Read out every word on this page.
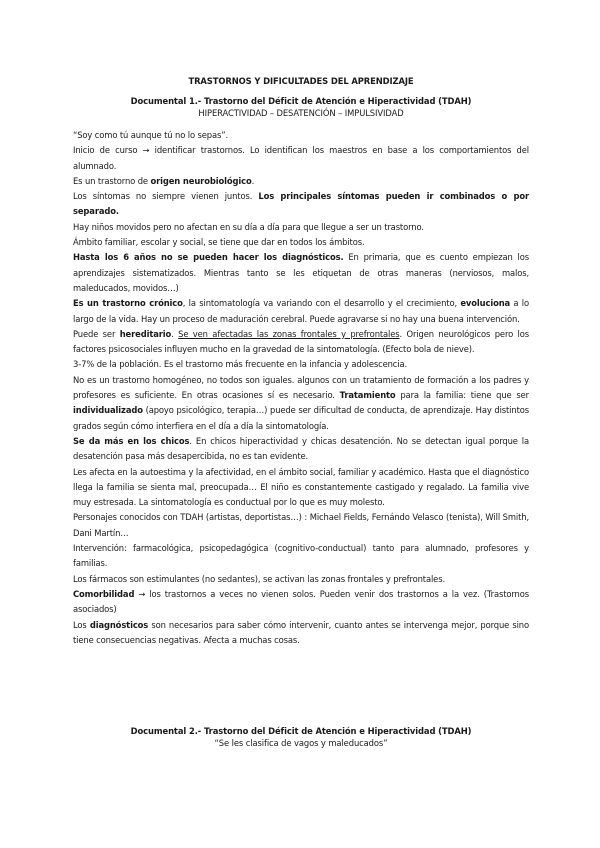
TRASTORNOS Y DIFICULTADES DEL APRENDIZAJE

Documental 1.- Trastorno del Déficit de Atención e Hiperactividad (TDAH)

HIPERACTIVIDAD – DESATENCIÓN – IMPULSIVIDAD

“Soy como tú aunque tú no lo sepas”.

Inicio de curso → identificar trastornos. Lo identifican los maestros en base a los comportamientos del alumnado.

Es un trastorno de origen neurobiológico.

Los síntomas no siempre vienen juntos. Los principales síntomas pueden ir combinados o por separado.

Hay niños movidos pero no afectan en su día a día para que llegue a ser un trastorno.

Ámbito familiar, escolar y social, se tiene que dar en todos los ámbitos.

Hasta los 6 años no se pueden hacer los diagnósticos. En primaria, que es cuento empiezan los aprendizajes sistematizados. Mientras tanto se les etiquetan de otras maneras (nerviosos, malos, maleducados, movidos…)

Es un trastorno crónico, la sintomatología va variando con el desarrollo y el crecimiento, evoluciona a lo largo de la vida. Hay un proceso de maduración cerebral. Puede agravarse si no hay una buena intervención.

Puede ser hereditario. Se ven afectadas las zonas frontales y prefrontales. Origen neurológicos pero los factores psicosociales influyen mucho en la gravedad de la sintomatología. (Efecto bola de nieve).

3-7% de la población. Es el trastorno más frecuente en la infancia y adolescencia.

No es un trastorno homogéneo, no todos son iguales. algunos con un tratamiento de formación a los padres y profesores es suficiente. En otras ocasiones sí es necesario. Tratamiento para la familia: tiene que ser individualizado (apoyo psicológico, terapia…) puede ser dificultad de conducta, de aprendizaje. Hay distintos grados según cómo interfiera en el día a día la sintomatología.

Se da más en los chicos. En chicos hiperactividad y chicas desatención. No se detectan igual porque la desatención pasa más desapercibida, no es tan evidente.

Les afecta en la autoestima y la afectividad, en el ámbito social, familiar y académico. Hasta que el diagnóstico llega la familia se sienta mal, preocupada… El niño es constantemente castigado y regalado. La familia vive muy estresada. La sintomatología es conductual por lo que es muy molesto.

Personajes conocidos con TDAH (artistas, deportistas…) : Michael Fields, Fernándo Velasco (tenista), Will Smith, Dani Martín…

Intervención: farmacológica, psicopedagógica (cognitivo-conductual) tanto para alumnado, profesores y familias.

Los fármacos son estimulantes (no sedantes), se activan las zonas frontales y prefrontales.

Comorbilidad → los trastornos a veces no vienen solos. Pueden venir dos trastornos a la vez. (Trastornos asociados)

Los diagnósticos son necesarios para saber cómo intervenir, cuanto antes se intervenga mejor, porque sino tiene consecuencias negativas. Afecta a muchas cosas.

Documental 2.- Trastorno del Déficit de Atención e Hiperactividad (TDAH)

“Se les clasifica de vagos y maleducados”
